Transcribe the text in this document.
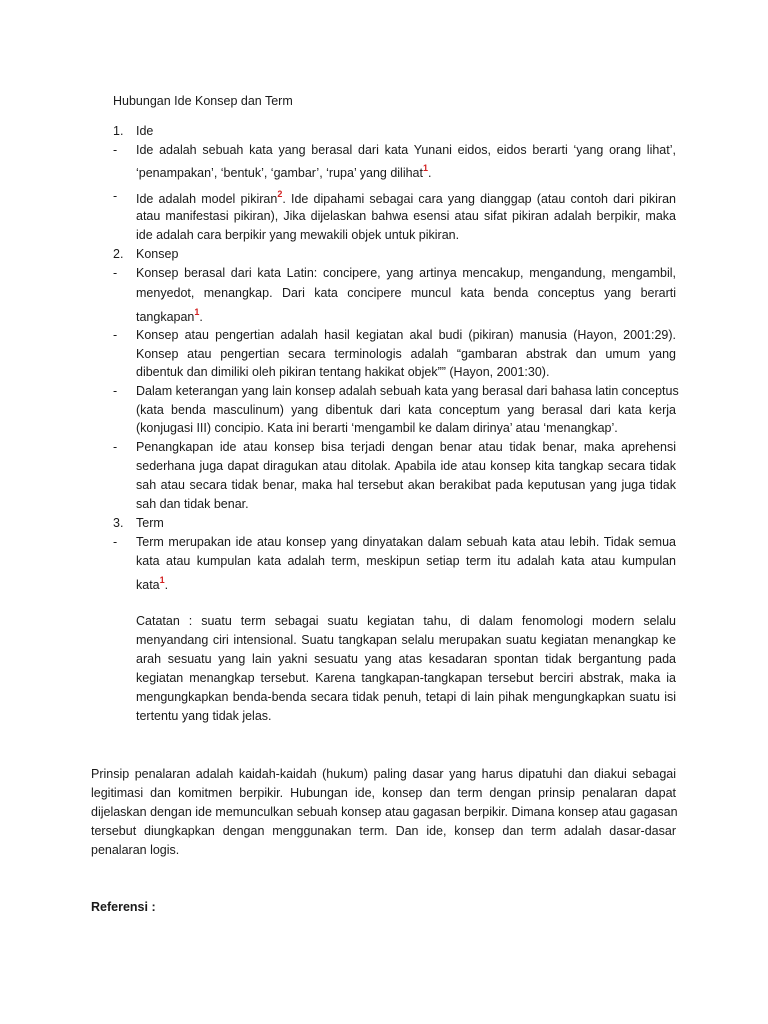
Hubungan Ide Konsep dan Term
1. Ide
- Ide adalah sebuah kata yang berasal dari kata Yunani eidos, eidos berarti ‘yang orang lihat’,
‘penampakan’, ‘bentuk’, ‘gambar’, ‘rupa’ yang dilihat$^1$.
- Ide adalah model pikiran$^2$. Ide dipahami sebagai cara yang dianggap (atau contoh dari pikiran
atau manifestasi pikiran), Jika dijelaskan bahwa esensi atau sifat pikiran adalah berpikir, maka
ide adalah cara berpikir yang mewakili objek untuk pikiran.
2. Konsep
- Konsep berasal dari kata Latin: concipere, yang artinya mencakup, mengandung, mengambil,
menyedot, menangkap. Dari kata concipere muncul kata benda conceptus yang berarti
tangkapan$^1$.
- Konsep atau pengertian adalah hasil kegiatan akal budi (pikiran) manusia (Hayon, 2001:29).
Konsep atau pengertian secara terminologis adalah “gambaran abstrak dan umum yang
dibentuk dan dimiliki oleh pikiran tentang hakikat objek”” (Hayon, 2001:30).
- Dalam keterangan yang lain konsep adalah sebuah kata yang berasal dari bahasa latin conceptus
(kata benda masculinum) yang dibentuk dari kata conceptum yang berasal dari kata kerja
(konjugasi III) concipio. Kata ini berarti ‘mengambil ke dalam dirinya’ atau ‘menangkap’.
- Penangkapan ide atau konsep bisa terjadi dengan benar atau tidak benar, maka aprehensi
sederhana juga dapat diragukan atau ditolak. Apabila ide atau konsep kita tangkap secara tidak
sah atau secara tidak benar, maka hal tersebut akan berakibat pada keputusan yang juga tidak
sah dan tidak benar.
3. Term
- Term merupakan ide atau konsep yang dinyatakan dalam sebuah kata atau lebih. Tidak semua
kata atau kumpulan kata adalah term, meskipun setiap term itu adalah kata atau kumpulan
kata$^1$.
Catatan : suatu term sebagai suatu kegiatan tahu, di dalam fenomologi modern selalu
menyandang ciri intensional. Suatu tangkapan selalu merupakan suatu kegiatan menangkap ke
arah sesuatu yang lain yakni sesuatu yang atas kesadaran spontan tidak bergantung pada
kegiatan menangkap tersebut. Karena tangkapan-tangkapan tersebut berciri abstrak, maka ia
mengungkapkan benda-benda secara tidak penuh, tetapi di lain pihak mengungkapkan suatu isi
tertentu yang tidak jelas.
Prinsip penalaran adalah kaidah-kaidah (hukum) paling dasar yang harus dipatuhi dan diakui sebagai
legitimasi dan komitmen berpikir. Hubungan ide, konsep dan term dengan prinsip penalaran dapat
dijelaskan dengan ide memunculkan sebuah konsep atau gagasan berpikir. Dimana konsep atau gagasan
tersebut diungkapkan dengan menggunakan term. Dan ide, konsep dan term adalah dasar-dasar
penalaran logis.
Referensi :
